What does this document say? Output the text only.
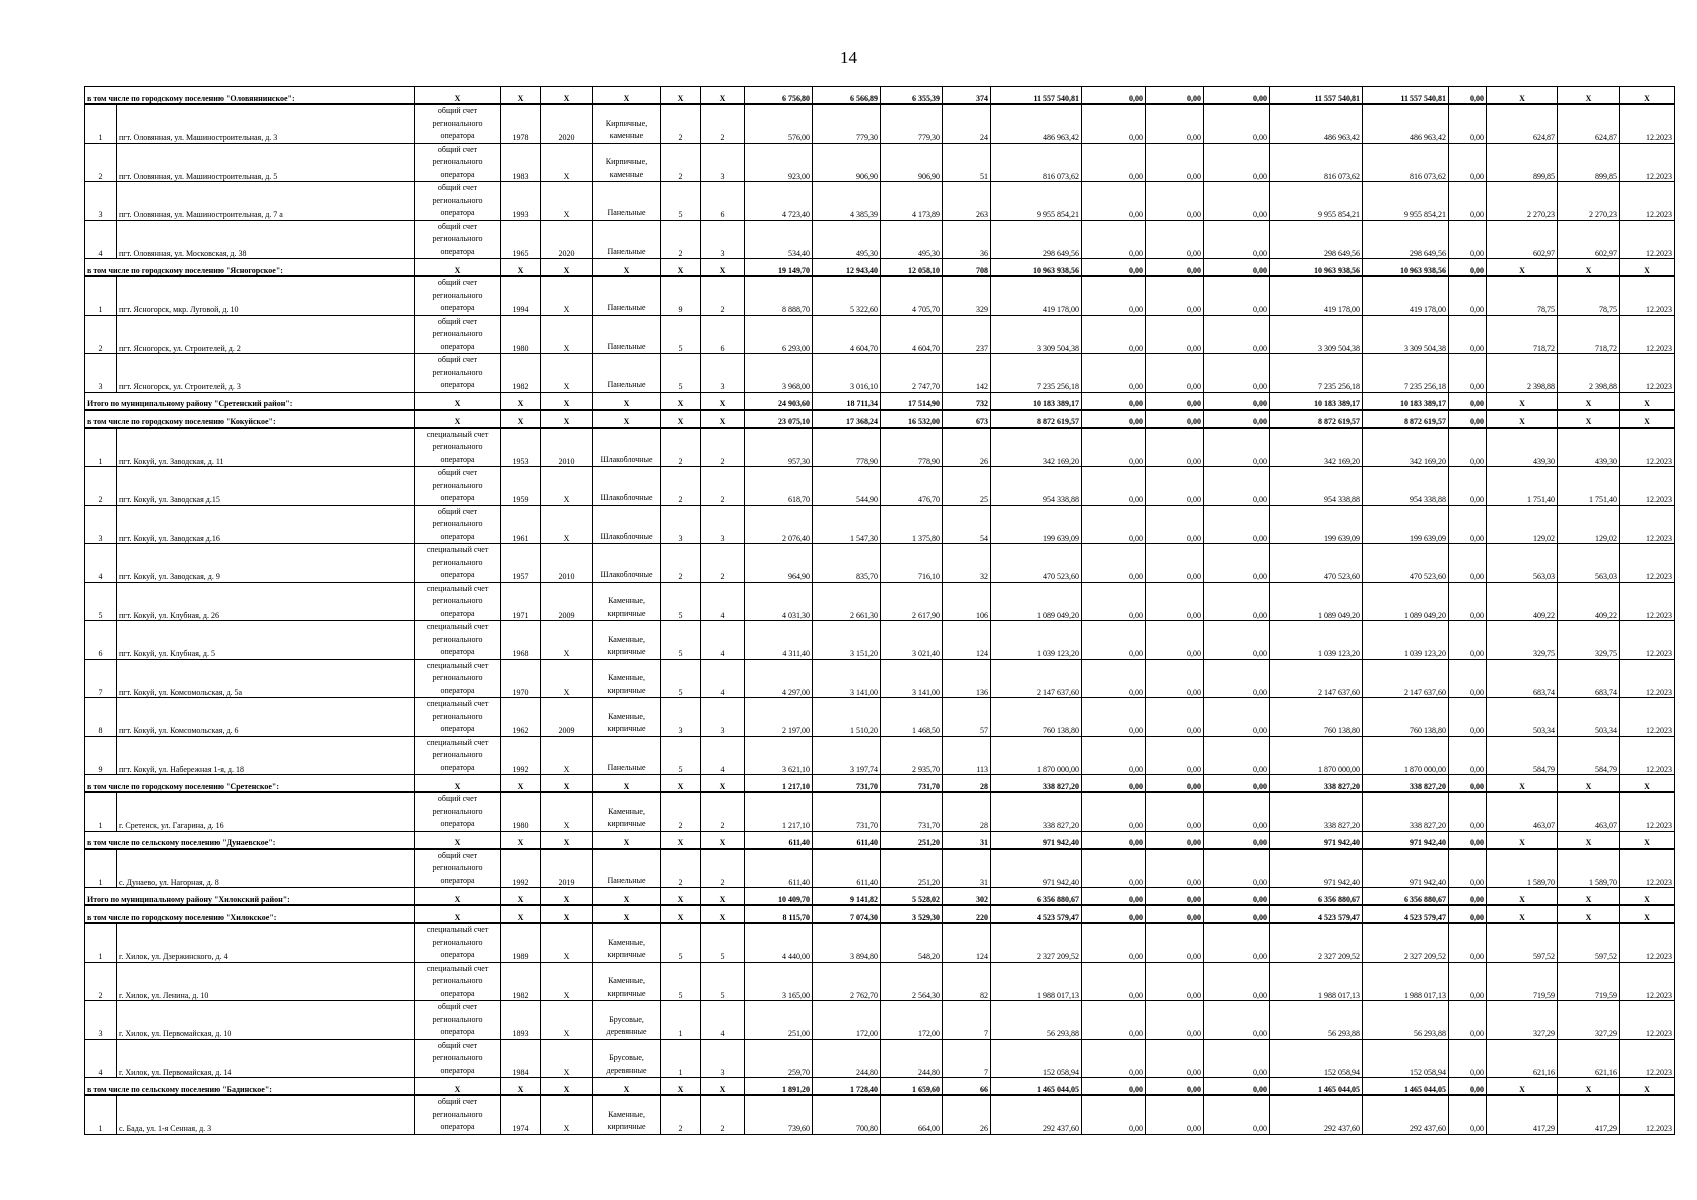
14
в том числе по городскому поселению "Оловяннинское":		X	X	X	X	X	X	6 756,80	6 566,89	6 355,39	374	11 557 540,81	0,00	0,00	0,00	11 557 540,81	11 557 540,81	0,00	X	X	X
1	пгт. Оловянная, ул. Машиностроительная, д. 3	общий счет регионального оператора	1978	2020	Кирпичные, каменные	2	2	576,00	779,30	779,30	24	486 963,42	0,00	0,00	0,00	486 963,42	486 963,42	0,00	624,87	624,87	12.2023
2	пгт. Оловянная, ул. Машиностроительная, д. 5	общий счет регионального оператора	1983	X	Кирпичные, каменные	2	3	923,00	906,90	906,90	51	816 073,62	0,00	0,00	0,00	816 073,62	816 073,62	0,00	899,85	899,85	12.2023
3	пгт. Оловянная, ул. Машиностроительная, д. 7 а	общий счет регионального оператора	1993	X	Панельные	5	6	4 723,40	4 385,39	4 173,89	263	9 955 854,21	0,00	0,00	0,00	9 955 854,21	9 955 854,21	0,00	2 270,23	2 270,23	12.2023
4	пгт. Оловянная, ул. Московская, д. 38	общий счет регионального оператора	1965	2020	Панельные	2	3	534,40	495,30	495,30	36	298 649,56	0,00	0,00	0,00	298 649,56	298 649,56	0,00	602,97	602,97	12.2023
в том числе по городскому поселению "Ясногорское":		X	X	X	X	X	X	19 149,70	12 943,40	12 058,10	708	10 963 938,56	0,00	0,00	0,00	10 963 938,56	10 963 938,56	0,00	X	X	X
1	пгт. Ясногорск, мкр. Луговой, д. 10	общий счет регионального оператора	1994	X	Панельные	9	2	8 888,70	5 322,60	4 705,70	329	419 178,00	0,00	0,00	0,00	419 178,00	419 178,00	0,00	78,75	78,75	12.2023
2	пгт. Ясногорск, ул. Строителей, д. 2	общий счет регионального оператора	1980	X	Панельные	5	6	6 293,00	4 604,70	4 604,70	237	3 309 504,38	0,00	0,00	0,00	3 309 504,38	3 309 504,38	0,00	718,72	718,72	12.2023
3	пгт. Ясногорск, ул. Строителей, д. 3	общий счет регионального оператора	1982	X	Панельные	5	3	3 968,00	3 016,10	2 747,70	142	7 235 256,18	0,00	0,00	0,00	7 235 256,18	7 235 256,18	0,00	2 398,88	2 398,88	12.2023
Итого по муниципальному району "Сретенский район":		X	X	X	X	X	X	24 903,60	18 711,34	17 514,90	732	10 183 389,17	0,00	0,00	0,00	10 183 389,17	10 183 389,17	0,00	X	X	X
в том числе по городскому поселению "Кокуйское":		X	X	X	X	X	X	23 075,10	17 368,24	16 532,00	673	8 872 619,57	0,00	0,00	0,00	8 872 619,57	8 872 619,57	0,00	X	X	X
1	пгт. Кокуй, ул. Заводская, д. 11	специальный счет регионального оператора	1953	2010	Шлакоблочные	2	2	957,30	778,90	778,90	26	342 169,20	0,00	0,00	0,00	342 169,20	342 169,20	0,00	439,30	439,30	12.2023
2	пгт. Кокуй, ул. Заводская д.15	общий счет регионального оператора	1959	X	Шлакоблочные	2	2	618,70	544,90	476,70	25	954 338,88	0,00	0,00	0,00	954 338,88	954 338,88	0,00	1 751,40	1 751,40	12.2023
3	пгт. Кокуй, ул. Заводская д.16	общий счет регионального оператора	1961	X	Шлакоблочные	3	3	2 076,40	1 547,30	1 375,80	54	199 639,09	0,00	0,00	0,00	199 639,09	199 639,09	0,00	129,02	129,02	12.2023
4	пгт. Кокуй, ул. Заводская, д. 9	специальный счет регионального оператора	1957	2010	Шлакоблочные	2	2	964,90	835,70	716,10	32	470 523,60	0,00	0,00	0,00	470 523,60	470 523,60	0,00	563,03	563,03	12.2023
5	пгт. Кокуй, ул. Клубная, д. 26	специальный счет регионального оператора	1971	2009	Каменные, кирпичные	5	4	4 031,30	2 661,30	2 617,90	106	1 089 049,20	0,00	0,00	0,00	1 089 049,20	1 089 049,20	0,00	409,22	409,22	12.2023
6	пгт. Кокуй, ул. Клубная, д. 5	специальный счет регионального оператора	1968	X	Каменные, кирпичные	5	4	4 311,40	3 151,20	3 021,40	124	1 039 123,20	0,00	0,00	0,00	1 039 123,20	1 039 123,20	0,00	329,75	329,75	12.2023
7	пгт. Кокуй, ул. Комсомольская, д. 5а	специальный счет регионального оператора	1970	X	Каменные, кирпичные	5	4	4 297,00	3 141,00	3 141,00	136	2 147 637,60	0,00	0,00	0,00	2 147 637,60	2 147 637,60	0,00	683,74	683,74	12.2023
8	пгт. Кокуй, ул. Комсомольская, д. 6	специальный счет регионального оператора	1962	2009	Каменные, кирпичные	3	3	2 197,00	1 510,20	1 468,50	57	760 138,80	0,00	0,00	0,00	760 138,80	760 138,80	0,00	503,34	503,34	12.2023
9	пгт. Кокуй, ул. Набережная 1-я, д. 18	специальный счет регионального оператора	1992	X	Панельные	5	4	3 621,10	3 197,74	2 935,70	113	1 870 000,00	0,00	0,00	0,00	1 870 000,00	1 870 000,00	0,00	584,79	584,79	12.2023
в том числе по городскому поселению "Сретенское":		X	X	X	X	X	X	1 217,10	731,70	731,70	28	338 827,20	0,00	0,00	0,00	338 827,20	338 827,20	0,00	X	X	X
1	г. Сретенск, ул. Гагарина, д. 16	общий счет регионального оператора	1980	X	Каменные, кирпичные	2	2	1 217,10	731,70	731,70	28	338 827,20	0,00	0,00	0,00	338 827,20	338 827,20	0,00	463,07	463,07	12.2023
в том числе по сельскому поселению "Дунаевское":		X	X	X	X	X	X	611,40	611,40	251,20	31	971 942,40	0,00	0,00	0,00	971 942,40	971 942,40	0,00	X	X	X
1	с. Дунаево, ул. Нагорная, д. 8	общий счет регионального оператора	1992	2019	Панельные	2	2	611,40	611,40	251,20	31	971 942,40	0,00	0,00	0,00	971 942,40	971 942,40	0,00	1 589,70	1 589,70	12.2023
Итого по муниципальному району "Хилокский район":		X	X	X	X	X	X	10 409,70	9 141,82	5 528,02	302	6 356 880,67	0,00	0,00	0,00	6 356 880,67	6 356 880,67	0,00	X	X	X
в том числе по городскому поселению "Хилокское":		X	X	X	X	X	X	8 115,70	7 074,30	3 529,30	220	4 523 579,47	0,00	0,00	0,00	4 523 579,47	4 523 579,47	0,00	X	X	X
1	г. Хилок, ул. Дзержинского, д. 4	специальный счет регионального оператора	1989	X	Каменные, кирпичные	5	5	4 440,00	3 894,80	548,20	124	2 327 209,52	0,00	0,00	0,00	2 327 209,52	2 327 209,52	0,00	597,52	597,52	12.2023
2	г. Хилок, ул. Ленина, д. 10	специальный счет регионального оператора	1982	X	Каменные, кирпичные	5	5	3 165,00	2 762,70	2 564,30	82	1 988 017,13	0,00	0,00	0,00	1 988 017,13	1 988 017,13	0,00	719,59	719,59	12.2023
3	г. Хилок, ул. Первомайская, д. 10	общий счет регионального оператора	1893	X	Брусовые, деревянные	1	4	251,00	172,00	172,00	7	56 293,88	0,00	0,00	0,00	56 293,88	56 293,88	0,00	327,29	327,29	12.2023
4	г. Хилок, ул. Первомайская, д. 14	общий счет регионального оператора	1984	X	Брусовые, деревянные	1	3	259,70	244,80	244,80	7	152 058,94	0,00	0,00	0,00	152 058,94	152 058,94	0,00	621,16	621,16	12.2023
в том числе по сельскому поселению "Бадинское":		X	X	X	X	X	X	1 891,20	1 728,40	1 659,60	66	1 465 044,05	0,00	0,00	0,00	1 465 044,05	1 465 044,05	0,00	X	X	X
1	с. Бада, ул. 1-я Сенная, д. 3	общий счет регионального оператора	1974	X	Каменные, кирпичные	2	2	739,60	700,80	664,00	26	292 437,60	0,00	0,00	0,00	292 437,60	292 437,60	0,00	417,29	417,29	12.2023
